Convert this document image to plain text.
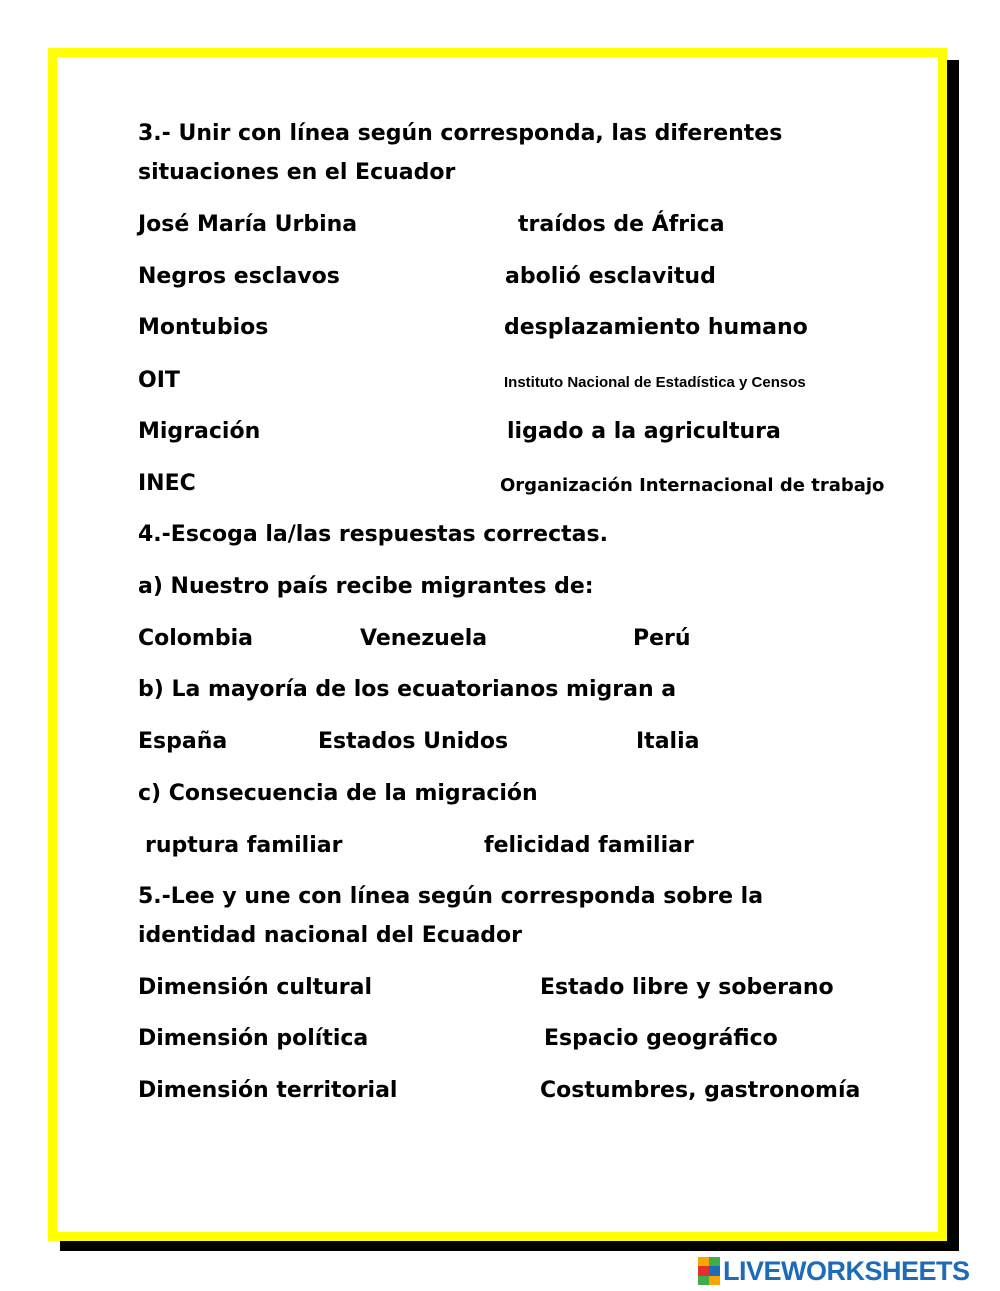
3.- Unir con línea según corresponda, las diferentes
situaciones en el Ecuador
José María Urbina	traídos de África
Negros esclavos	abolió esclavitud
Montubios	desplazamiento humano
OIT	Instituto Nacional de Estadística y Censos
Migración	ligado a la agricultura
INEC	Organización Internacional de trabajo
4.-Escoga la/las respuestas correctas.
a) Nuestro país recibe migrantes de:
Colombia	Venezuela	Perú
b) La mayoría de los ecuatorianos migran a
España	Estados Unidos	Italia
c) Consecuencia de la migración
ruptura familiar	felicidad familiar
5.-Lee y une con línea según corresponda sobre la
identidad nacional del Ecuador
Dimensión cultural	Estado libre y soberano
Dimensión política	Espacio geográfico
Dimensión territorial	Costumbres, gastronomía
LIVEWORKSHEETS
